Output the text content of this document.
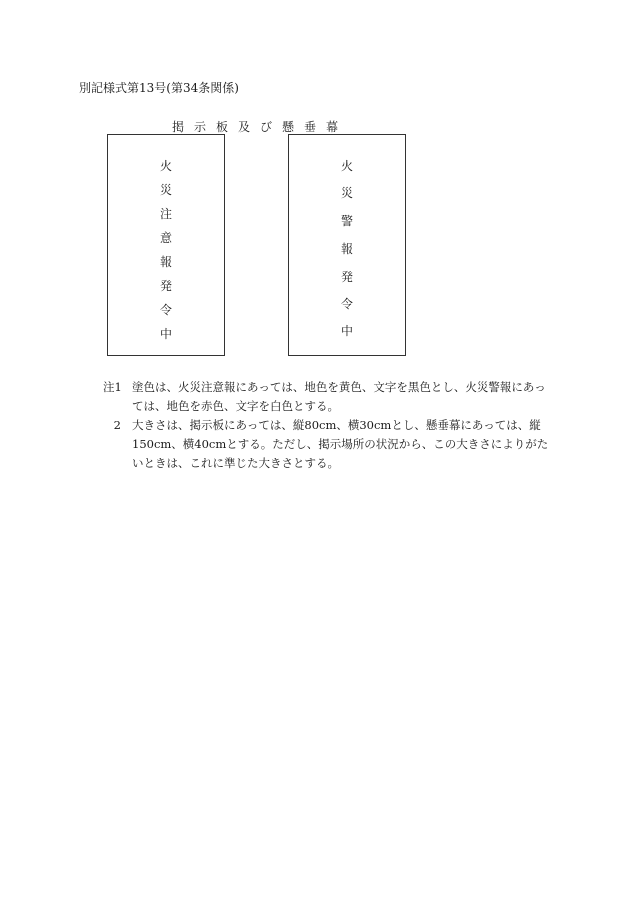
別記様式第13号(第34条関係)
掲示板及び懸垂幕
火
災
注
意
報
発
令
中
火
災
警
報
発
令
中
注1 塗色は、火災注意報にあっては、地色を黄色、文字を黒色とし、火災警報にあっては、地色を赤色、文字を白色とする。
2 大きさは、掲示板にあっては、縦80cm、横30cmとし、懸垂幕にあっては、縦150cm、横40cmとする。ただし、掲示場所の状況から、この大きさによりがたいときは、これに準じた大きさとする。
